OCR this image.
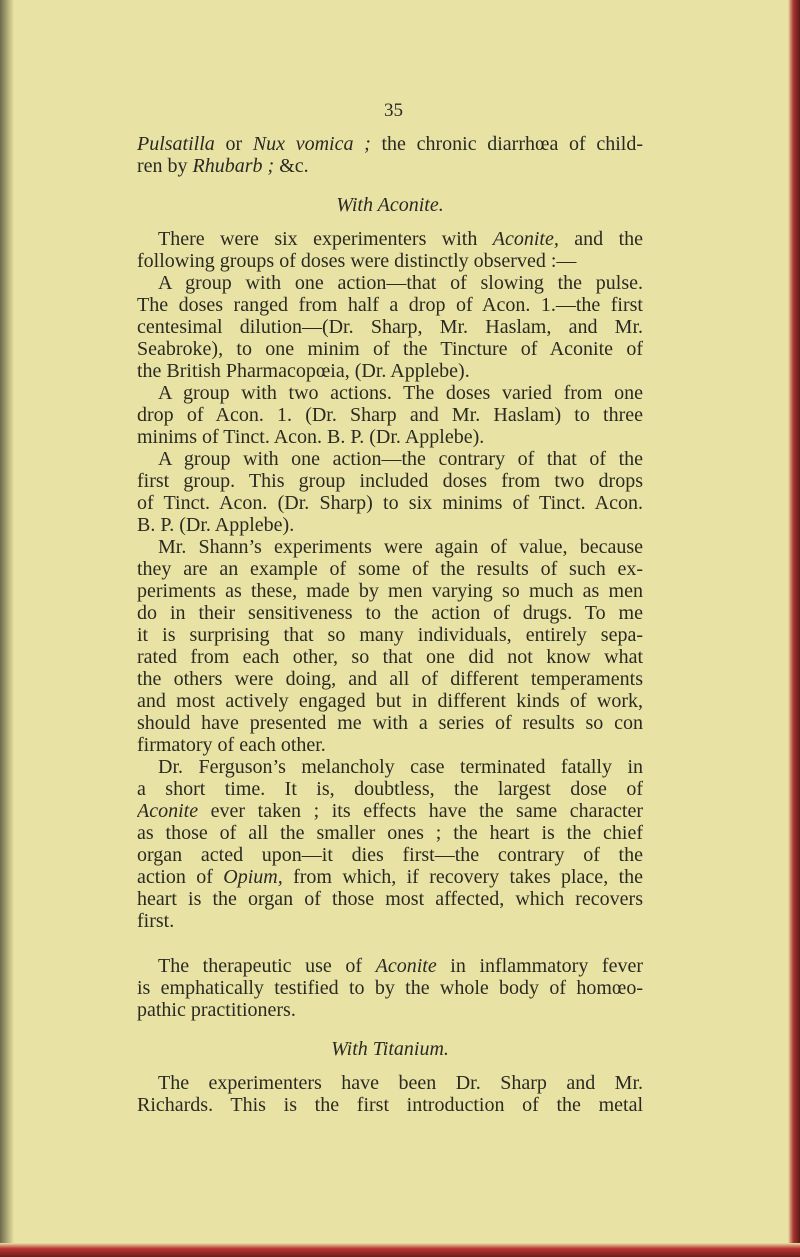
35
Pulsatilla or Nux vomica ; the chronic diarrhœa of child-
ren by Rhubarb ; &c.
With Aconite.
There were six experimenters with Aconite, and the
following groups of doses were distinctly observed :—
A group with one action—that of slowing the pulse.
The doses ranged from half a drop of Acon. 1.—the first
centesimal dilution—(Dr. Sharp, Mr. Haslam, and Mr.
Seabroke), to one minim of the Tincture of Aconite of
the British Pharmacopœia, (Dr. Applebe).
A group with two actions. The doses varied from one
drop of Acon. 1. (Dr. Sharp and Mr. Haslam) to three
minims of Tinct. Acon. B. P. (Dr. Applebe).
A group with one action—the contrary of that of the
first group. This group included doses from two drops
of Tinct. Acon. (Dr. Sharp) to six minims of Tinct. Acon.
B. P. (Dr. Applebe).
Mr. Shann’s experiments were again of value, because
they are an example of some of the results of such ex-
periments as these, made by men varying so much as men
do in their sensitiveness to the action of drugs. To me
it is surprising that so many individuals, entirely sepa-
rated from each other, so that one did not know what
the others were doing, and all of different temperaments
and most actively engaged but in different kinds of work,
should have presented me with a series of results so con
firmatory of each other.
Dr. Ferguson’s melancholy case terminated fatally in
a short time. It is, doubtless, the largest dose of
Aconite ever taken ; its effects have the same character
as those of all the smaller ones ; the heart is the chief
organ acted upon—it dies first—the contrary of the
action of Opium, from which, if recovery takes place, the
heart is the organ of those most affected, which recovers
first.
The therapeutic use of Aconite in inflammatory fever
is emphatically testified to by the whole body of homœo-
pathic practitioners.
With Titanium.
The experimenters have been Dr. Sharp and Mr.
Richards. This is the first introduction of the metal
